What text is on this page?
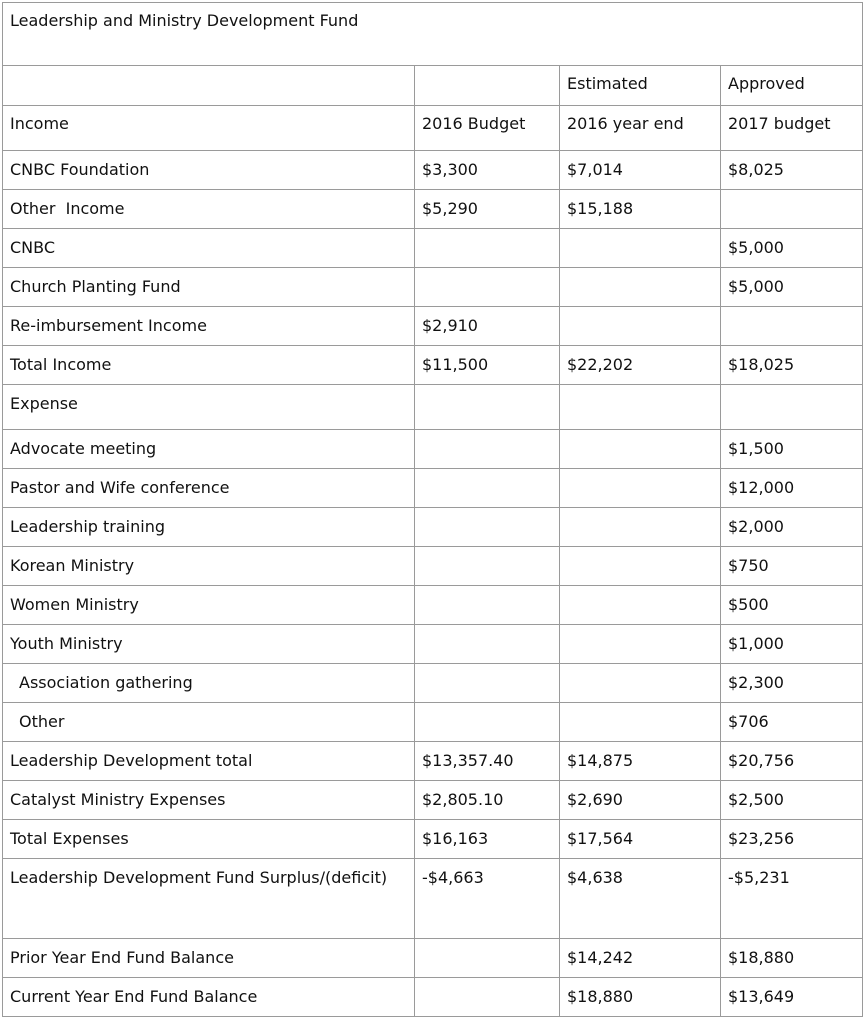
Leadership and Ministry Development Fund			
		Estimated	Approved
Income	2016 Budget	2016 year end	2017 budget
CNBC Foundation	$3,300	$7,014	$8,025
Other  Income	$5,290	$15,188	
CNBC			$5,000
Church Planting Fund			$5,000
Re-imbursement Income	$2,910		
Total Income	$11,500	$22,202	$18,025
Expense			
Advocate meeting			$1,500
Pastor and Wife conference			$12,000
Leadership training			$2,000
Korean Ministry			$750
Women Ministry			$500
Youth Ministry			$1,000
Association gathering			$2,300
Other			$706
Leadership Development total	$13,357.40	$14,875	$20,756
Catalyst Ministry Expenses	$2,805.10	$2,690	$2,500
Total Expenses	$16,163	$17,564	$23,256
Leadership Development Fund Surplus/(deficit)	-$4,663	$4,638	-$5,231
Prior Year End Fund Balance		$14,242	$18,880
Current Year End Fund Balance		$18,880	$13,649
